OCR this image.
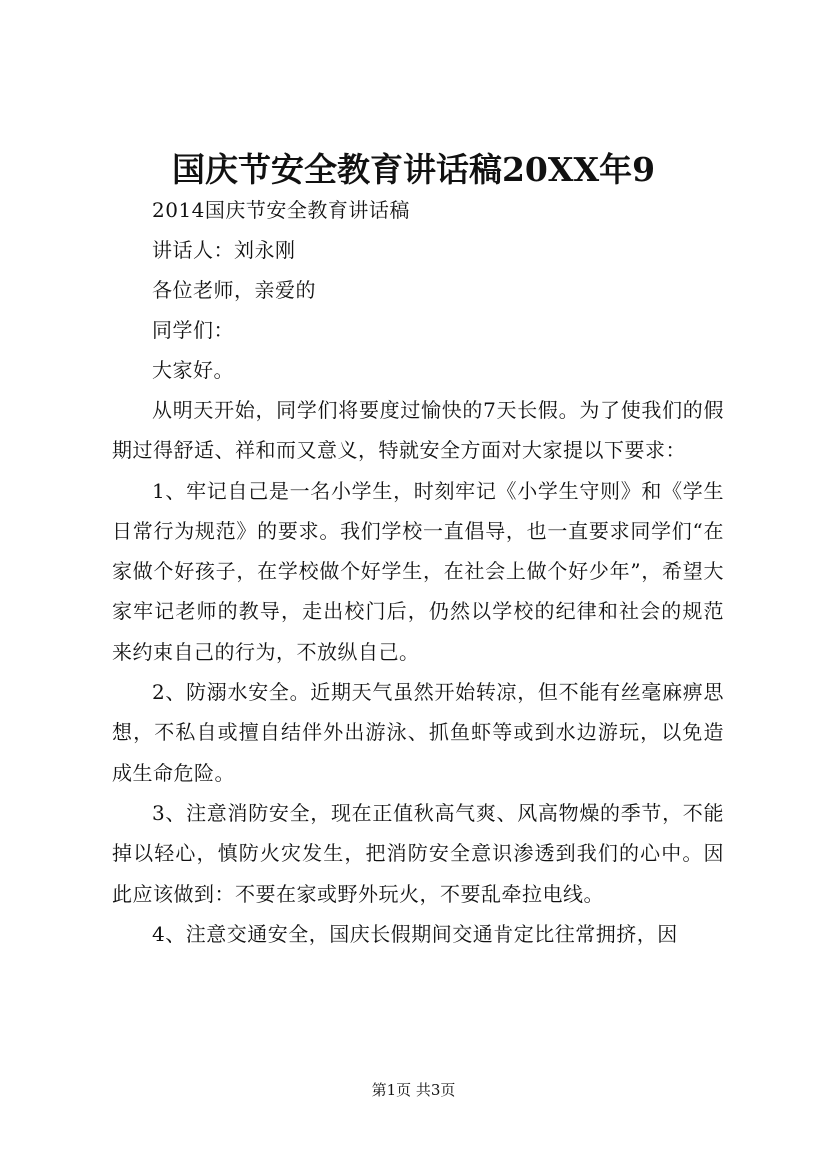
国庆节安全教育讲话稿20XX年9
2014国庆节安全教育讲话稿
讲话人：刘永刚
各位老师，亲爱的
同学们：
大家好。

从明天开始，同学们将要度过愉快的7天长假。为了使我们的假期过得舒适、祥和而又意义，特就安全方面对大家提以下要求：

1、牢记自己是一名小学生，时刻牢记《小学生守则》和《学生日常行为规范》的要求。我们学校一直倡导，也一直要求同学们“在家做个好孩子，在学校做个好学生，在社会上做个好少年”，希望大家牢记老师的教导，走出校门后，仍然以学校的纪律和社会的规范来约束自己的行为，不放纵自己。

2、防溺水安全。近期天气虽然开始转凉，但不能有丝毫麻痹思想，不私自或擅自结伴外出游泳、抓鱼虾等或到水边游玩，以免造成生命危险。

3、注意消防安全，现在正值秋高气爽、风高物燥的季节，不能掉以轻心，慎防火灾发生，把消防安全意识渗透到我们的心中。因此应该做到：不要在家或野外玩火，不要乱牵拉电线。

4、注意交通安全，国庆长假期间交通肯定比往常拥挤，因

第1页 共3页
